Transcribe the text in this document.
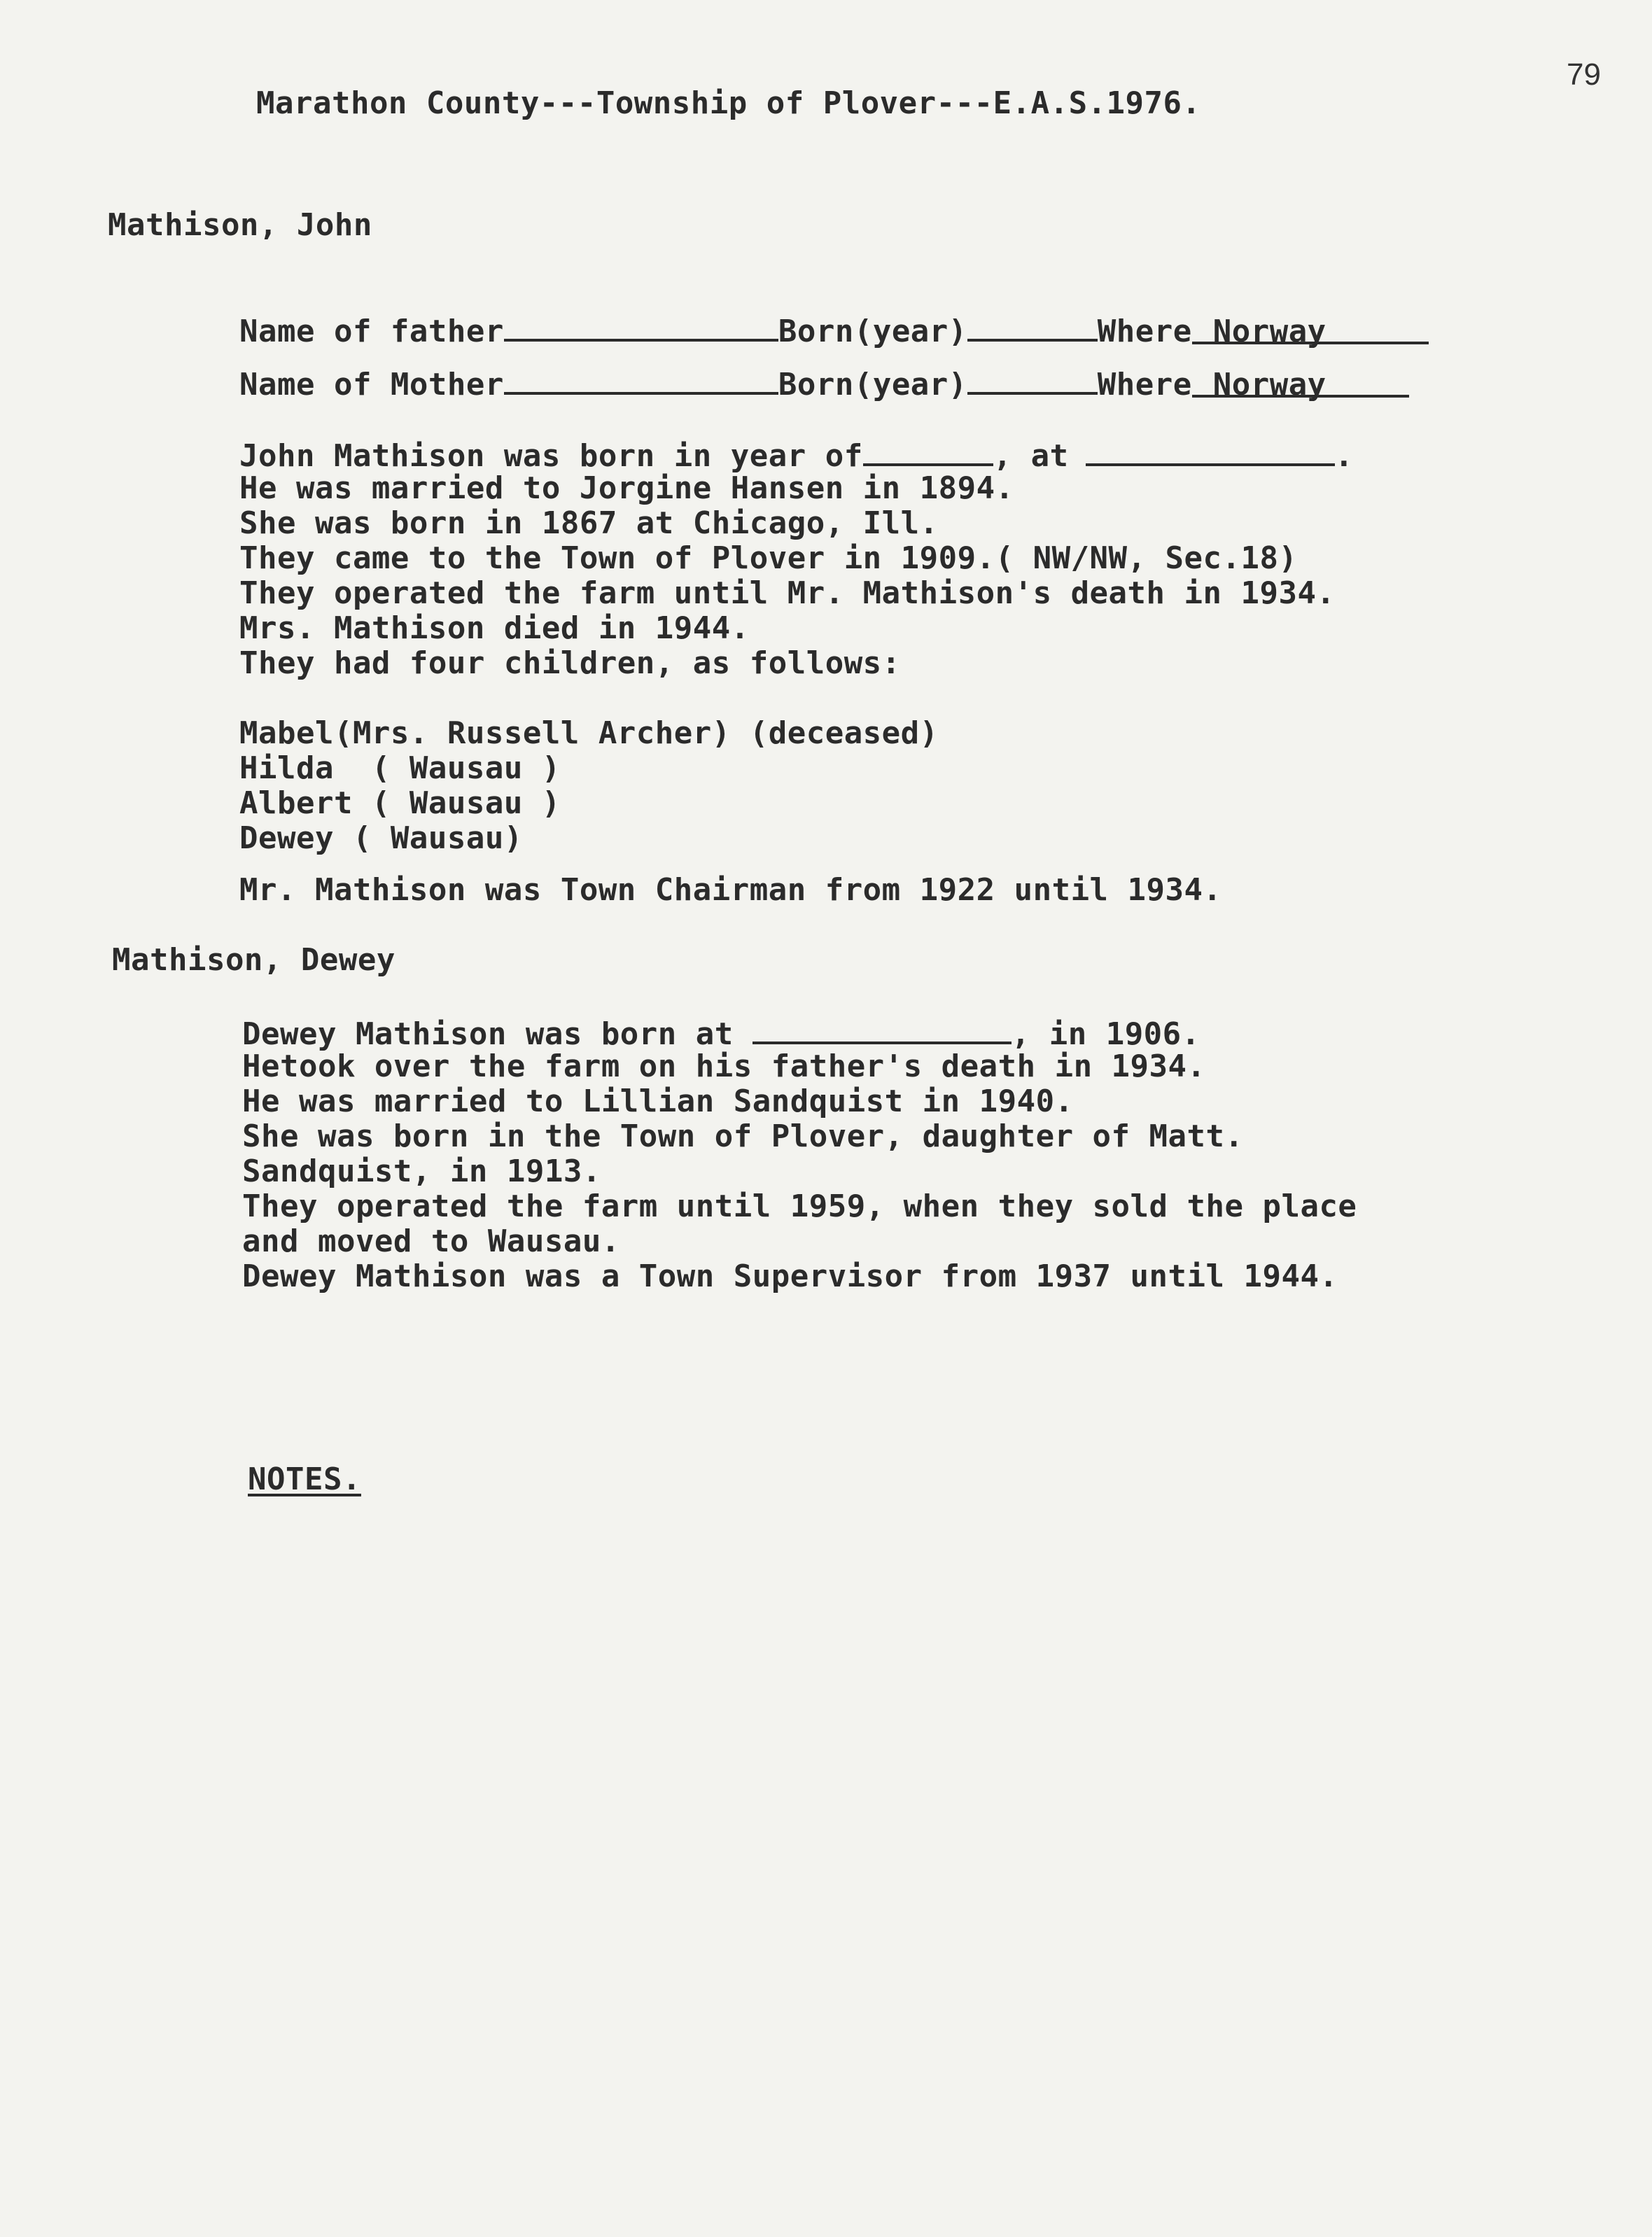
79
Marathon County---Township of Plover---E.A.S.1976.
Mathison, John
Name of father	Born(year)	Where Norway
Name of Mother	Born(year)	Where Norway
John Mathison was born in year of	, at	.
He was married to Jorgine Hansen in 1894.
She was born in 1867 at Chicago, Ill.
They came to the Town of Plover in 1909.( NW/NW, Sec.18)
They operated the farm until Mr. Mathison's death in 1934.
Mrs. Mathison died in 1944.
They had four children, as follows:
Mabel(Mrs. Russell Archer) (deceased)
Hilda  ( Wausau )
Albert ( Wausau )
Dewey ( Wausau)
Mr. Mathison was Town Chairman from 1922 until 1934.
Mathison, Dewey
Dewey Mathison was born at	, in 1906.
Hetook over the farm on his father's death in 1934.
He was married to Lillian Sandquist in 1940.
She was born in the Town of Plover, daughter of Matt.
Sandquist, in 1913.
They operated the farm until 1959, when they sold the place
and moved to Wausau.
Dewey Mathison was a Town Supervisor from 1937 until 1944.
NOTES.
